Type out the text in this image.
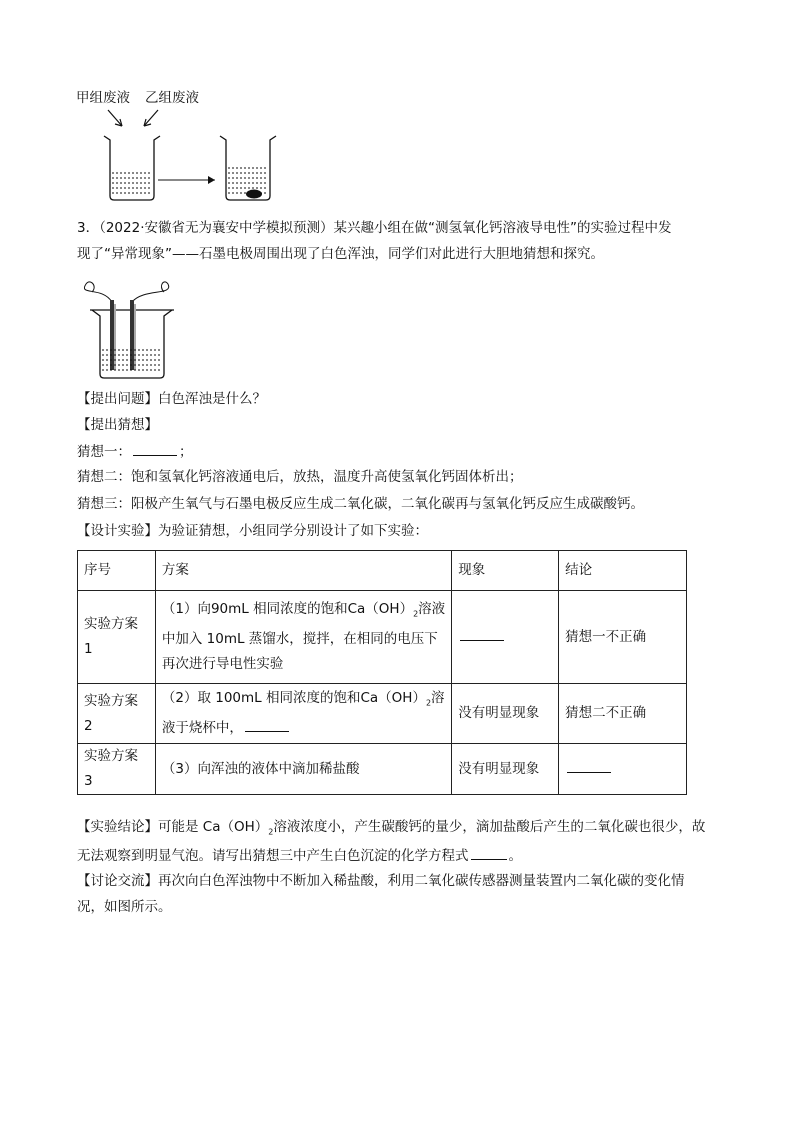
甲组废液 乙组废液
3．（2022·安徽省无为襄安中学模拟预测）某兴趣小组在做“测氢氧化钙溶液导电性”的实验过程中发
现了“异常现象”——石墨电极周围出现了白色浑浊，同学们对此进行大胆地猜想和探究。
【提出问题】白色浑浊是什么？
【提出猜想】
猜想一：	；
猜想二：饱和氢氧化钙溶液通电后，放热，温度升高使氢氧化钙固体析出；
猜想三：阳极产生氧气与石墨电极反应生成二氧化碳，二氧化碳再与氢氧化钙反应生成碳酸钙。
【设计实验】为验证猜想，小组同学分别设计了如下实验：
序号	方案	现象	结论
实验方案 1	（1）向90mL 相同浓度的饱和$Ca(OH)_2$溶液
中加入 10mL 蒸馏水，搅拌，在相同的电压下
再次进行导电性实验		猜想一不正确
实验方案 2	（2）取 100mL 相同浓度的饱和$Ca(OH)_2$溶
液于烧杯中，	没有明显现象	猜想二不正确
实验方案 3	（3）向浑浊的液体中滴加稀盐酸	没有明显现象	
【实验结论】可能是 $Ca(OH)_2$溶液浓度小，产生碳酸钙的量少，滴加盐酸后产生的二氧化碳也很少，故
无法观察到明显气泡。请写出猜想三中产生白色沉淀的化学方程式	。
【讨论交流】再次向白色浑浊物中不断加入稀盐酸，利用二氧化碳传感器测量装置内二氧化碳的变化情
况，如图所示。
